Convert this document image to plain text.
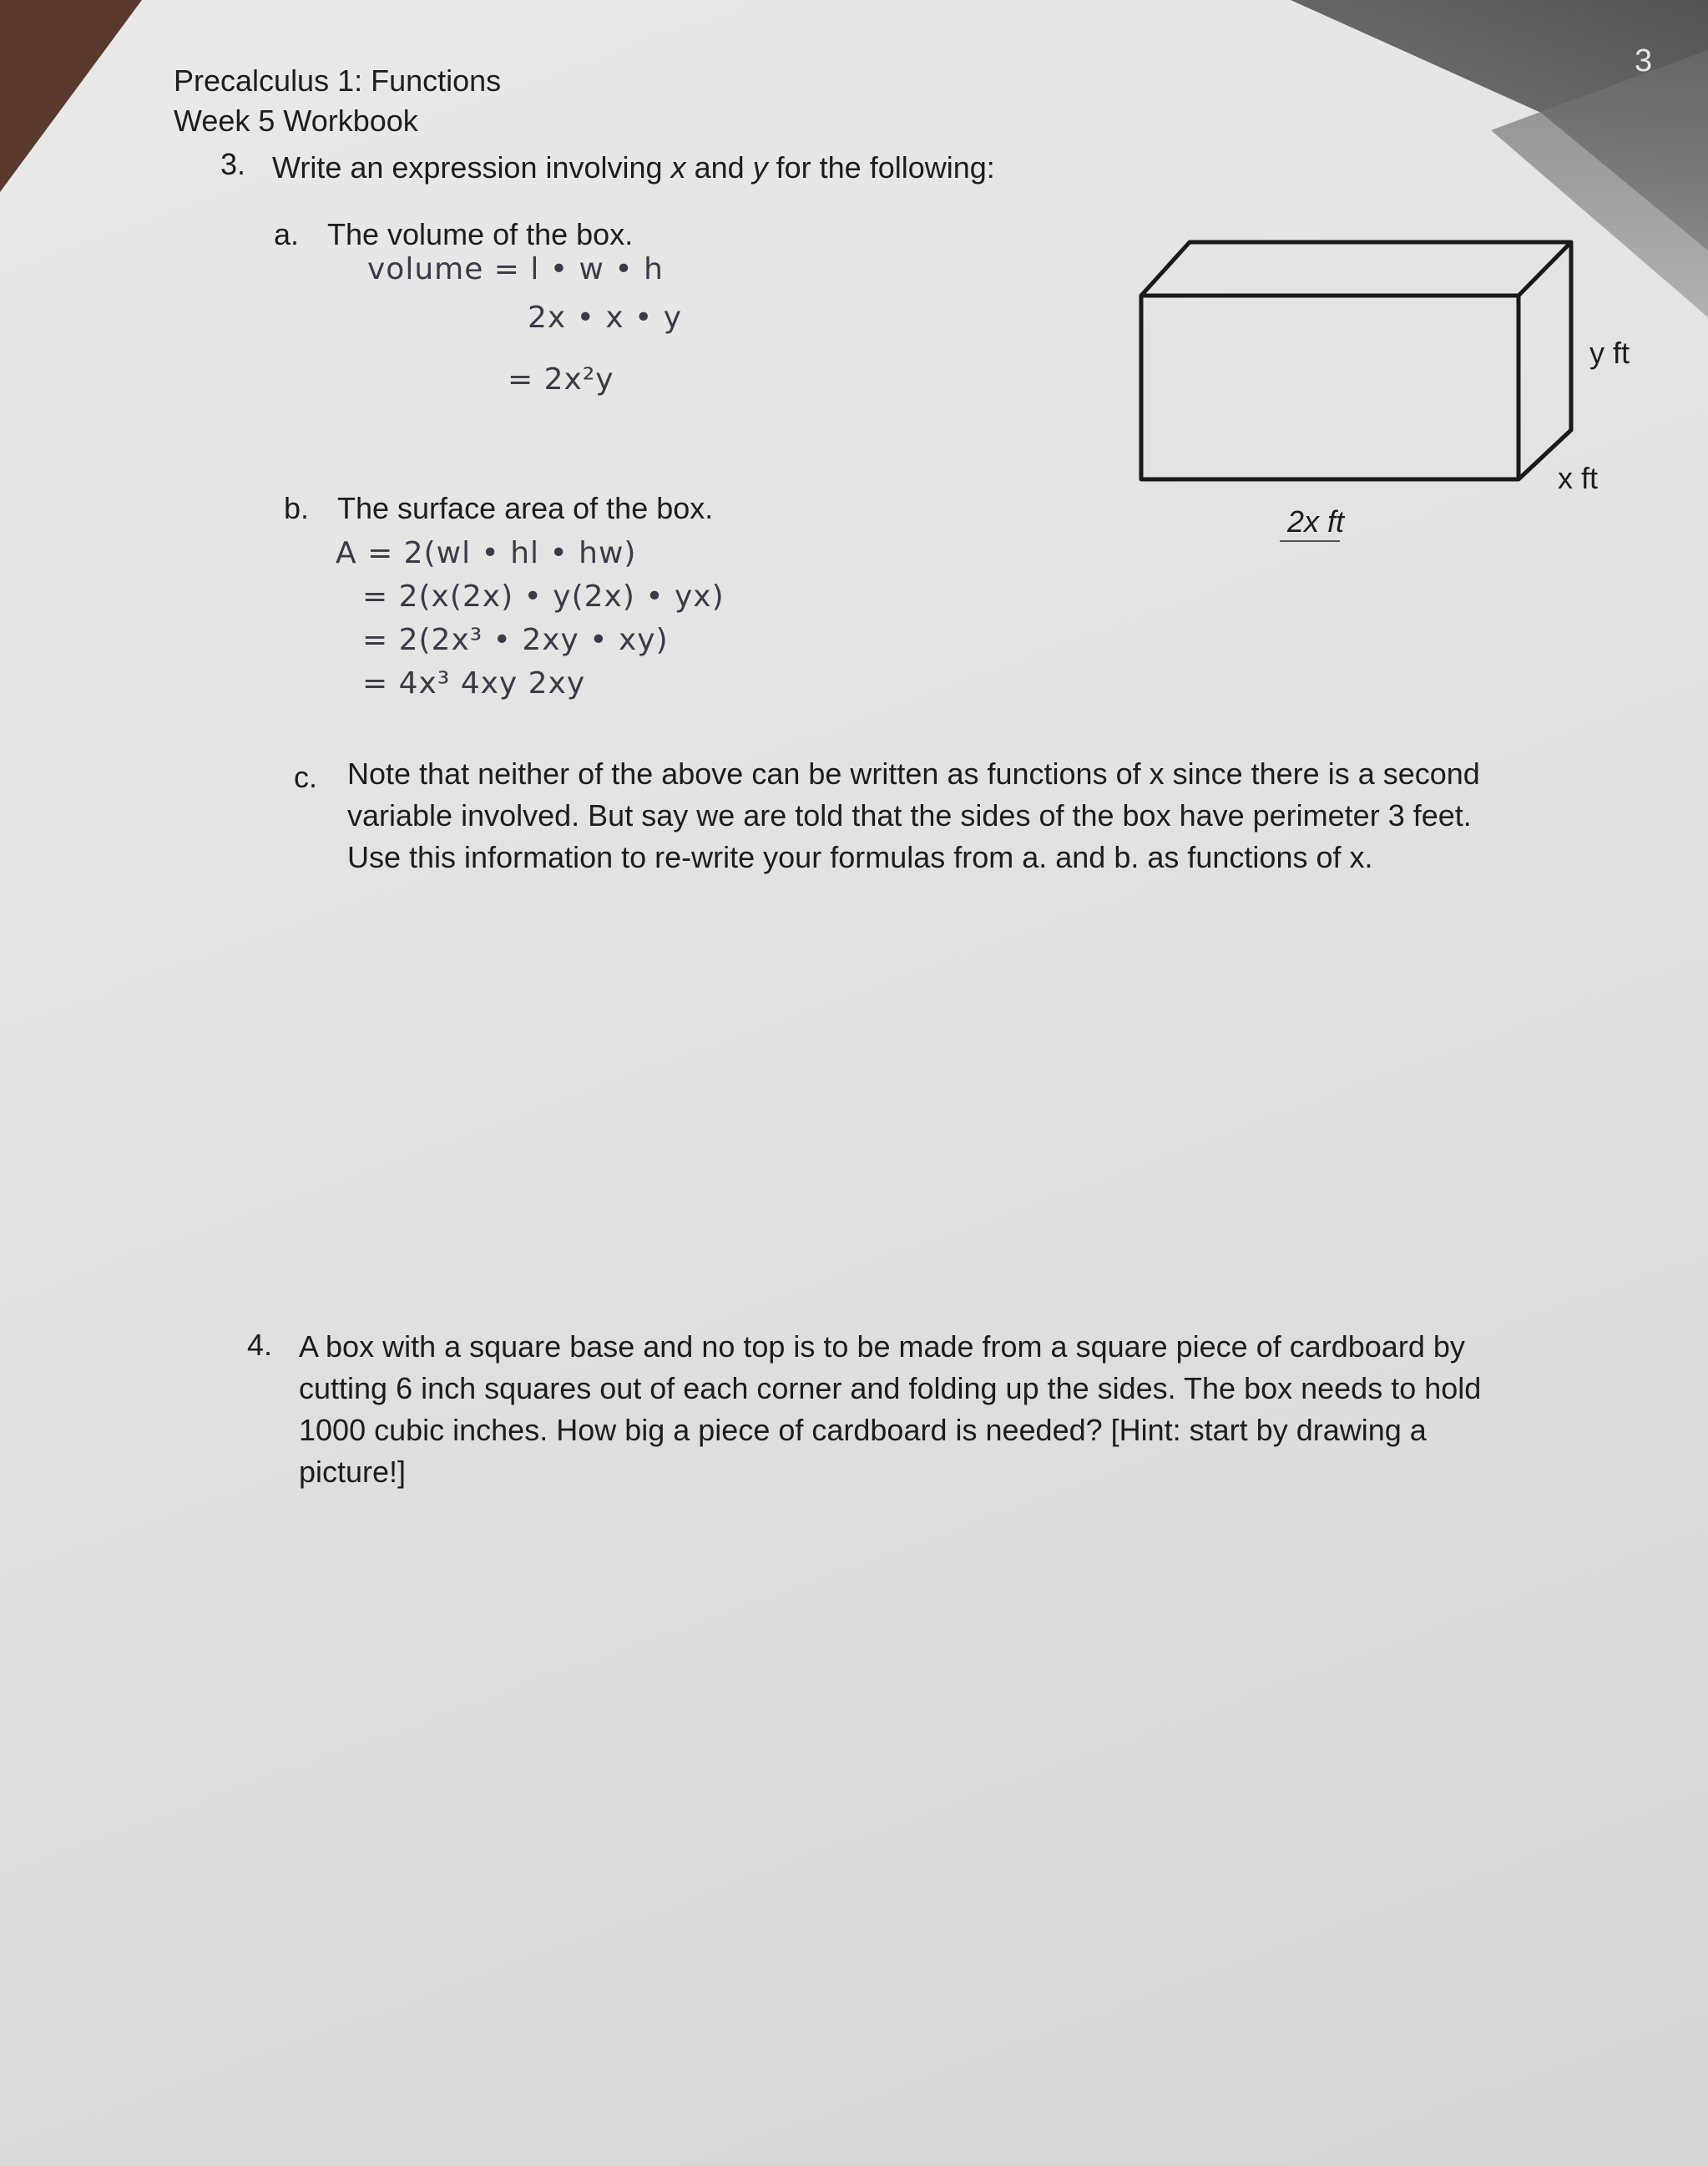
3
Precalculus 1: Functions
Week 5 Workbook
3. Write an expression involving x and y for the following:
a. The volume of the box.
volume = l • w • h
2x • x • y
= 2x²y
y ft
x ft
2x ft
b. The surface area of the box.
A = 2(wl • hl • hw)
= 2(x(2x) • y(2x) • yx)
= 2(2x³ • 2xy • xy)
= 4x³ 4xy 2xy
c. Note that neither of the above can be written as functions of x since there is a second variable involved. But say we are told that the sides of the box have perimeter 3 feet. Use this information to re-write your formulas from a. and b. as functions of x.
4. A box with a square base and no top is to be made from a square piece of cardboard by cutting 6 inch squares out of each corner and folding up the sides. The box needs to hold 1000 cubic inches. How big a piece of cardboard is needed? [Hint: start by drawing a picture!]
